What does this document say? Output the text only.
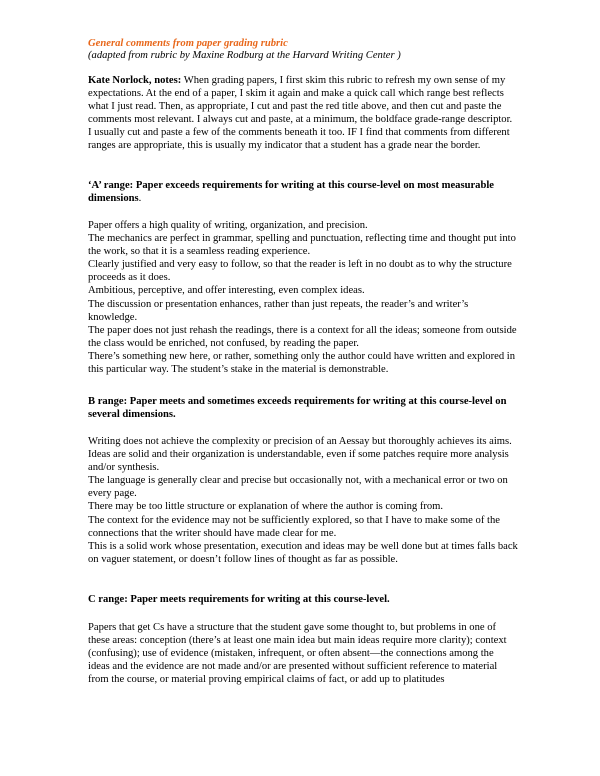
General comments from paper grading rubric
(adapted from rubric by Maxine Rodburg at the Harvard Writing Center )

Kate Norlock, notes: When grading papers, I first skim this rubric to refresh my own sense of my expectations. At the end of a paper, I skim it again and make a quick call which range best reflects what I just read. Then, as appropriate, I cut and past the red title above, and then cut and paste the comments most relevant. I always cut and paste, at a minimum, the boldface grade-range descriptor. I usually cut and paste a few of the comments beneath it too. IF I find that comments from different ranges are appropriate, this is usually my indicator that a student has a grade near the border.

‘A’ range: Paper exceeds requirements for writing at this course-level on most measurable dimensions.

Paper offers a high quality of writing, organization, and precision.

The mechanics are perfect in grammar, spelling and punctuation, reflecting time and thought put into the work, so that it is a seamless reading experience.

Clearly justified and very easy to follow, so that the reader is left in no doubt as to why the structure proceeds as it does.

Ambitious, perceptive, and offer interesting, even complex ideas.

The discussion or presentation enhances, rather than just repeats, the reader’s and writer’s knowledge.

The paper does not just rehash the readings, there is a context for all the ideas; someone from outside the class would be enriched, not confused, by reading the paper.

There’s something new here, or rather, something only the author could have written and explored in this particular way. The student’s stake in the material is demonstrable.

B range: Paper meets and sometimes exceeds requirements for writing at this course-level on several dimensions.

Writing does not achieve the complexity or precision of an Aessay but thoroughly achieves its aims.

Ideas are solid and their organization is understandable, even if some patches require more analysis and/or synthesis.

The language is generally clear and precise but occasionally not, with a mechanical error or two on every page.

There may be too little structure or explanation of where the author is coming from.

The context for the evidence may not be sufficiently explored, so that I have to make some of the connections that the writer should have made clear for me.

This is a solid work whose presentation, execution and ideas may be well done but at times falls back on vaguer statement, or doesn’t follow lines of thought as far as possible.

C range: Paper meets requirements for writing at this course-level.

Papers that get Cs have a structure that the student gave some thought to, but problems in one of these areas: conception (there’s at least one main idea but main ideas require more clarity); context (confusing); use of evidence (mistaken, infrequent, or often absent—the connections among the ideas and the evidence are not made and/or are presented without sufficient reference to material from the course, or material proving empirical claims of fact, or add up to platitudes
